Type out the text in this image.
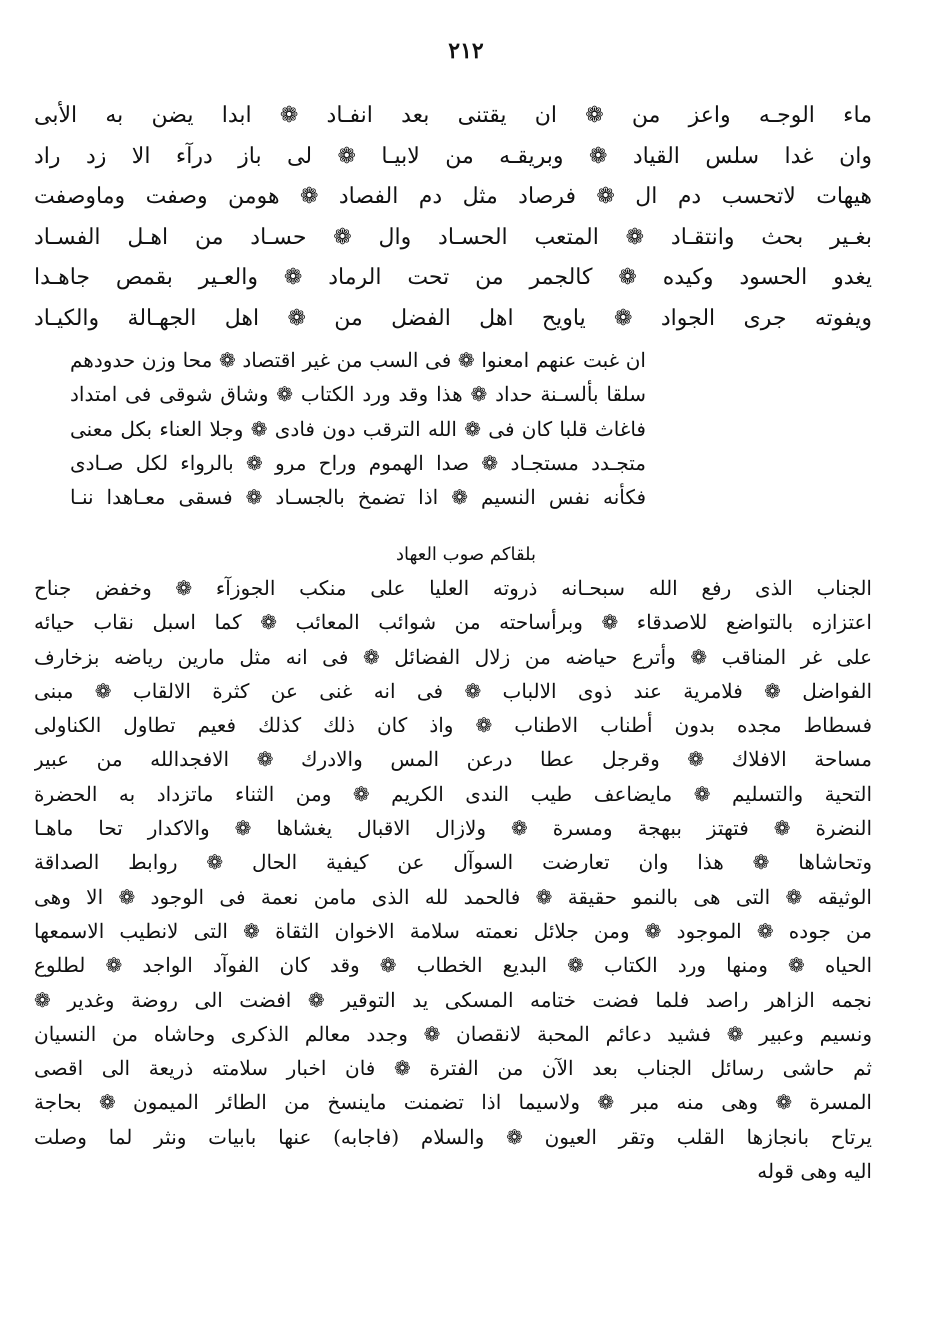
٢١٢

ماء الوجـه واعز من ❁ ان يقتنى بعد انفـاد ❁ ابدا يضن به الأبى

وان غدا سلس القياد ❁ وبريقـه من لابيـا ❁ لى باز درآء الا زد راد

هيهات لاتحسب دم ال ❁ فرصاد مثل دم الفصاد ❁ هومن وصفت وماوصفت

بغـير بحث وانتقـاد ❁ المتعب الحسـاد وال ❁ حسـاد من اهـل الفسـاد

يغدو الحسود وكيده ❁ كالجمر من تحت الرماد ❁ والعـير بقمص جاهـدا

ويفوته جرى الجواد ❁ ياويح اهل الفضل من ❁ اهل الجهـالة والكيـاد

ان غبت عنهم امعنوا ❁ فى السب من غير اقتصاد ❁ محا وزن حدودهم

سلقا بألسـنة حداد ❁ هذا وقد ورد الكتاب ❁ وشاق شوقى فى امتداد

فاغاث قلبا كان فى ❁ الله الترقب دون فادى ❁ وجلا العناء بكل معنى

متجـدد مستجـاد ❁ صدا الهموم وراح مرو ❁ بالرواء لكل صـادى

فكأنه نفس النسيم ❁ اذا تضمخ بالجسـاد ❁ فسقى معـاهدا ننـا

بلقاكم صوب العهاد

الجناب الذى رفع الله سبحـانه ذروته العليا على منكب الجوزآء ❁ وخفض جناح

اعتزازه بالتواضع للاصدقاء ❁ وبرأساحته من شوائب المعائب ❁ كما اسبل نقاب حيائه

على غر المناقب ❁ وأترع حياضه من زلال الفضائل ❁ فى انه مثل مارين رياضه بزخارف

الفواضل ❁ فلامرية عند ذوى الالباب ❁ فى انه غنى عن كثرة الالقاب ❁ مبنى

فسطاط مجده بدون أطناب الاطناب ❁ واذ كان ذلك كذلك فعيم تطاول الكناولى

مساحة الافلاك ❁ وقرجل عطا درعن المس والادرك ❁ الافجدالله من عبير

التحية والتسليم ❁ مايضاعف طيب الندى الكريم ❁ ومن الثناء ماتزداد به الحضرة

النضرة ❁ فتهتز ببهجة ومسرة ❁ ولازال الاقبال يغشاها ❁ والاكدار تحا ماهـا

وتحاشاها ❁ هذا وان تعارضت السوآل عن كيفية الحال ❁ روابط الصداقة

الوثيقه ❁ التى هى بالنمو حقيقة ❁ فالحمد لله الذى مامن نعمة فى الوجود ❁ الا وهى

من جوده ❁ الموجود ❁ ومن جلائل نعمته سلامة الاخوان الثقاة ❁ التى لانطيب الاسمعها

الحياه ❁ ومنها ورد الكتاب ❁ البديع الخطاب ❁ وقد كان الفوآد الواجد ❁ لطلوع

نجمه الزاهر راصد فلما فضت ختامه المسكى يد التوقير ❁ افضت الى روضة وغدير ❁

ونسيم وعبير ❁ فشيد دعائم المحبة لانقصان ❁ وجدد معالم الذكرى وحاشاه من النسيان

ثم حاشى رسائل الجناب بعد الآن من الفترة ❁ فان اخبار سلامته ذريعة الى اقصى

المسرة ❁ وهى منه مبر ❁ ولاسيما اذا تضمنت ماينسخ من الطائر الميمون ❁ بحاجة

يرتاح بانجازها القلب وتقر العيون ❁ والسلام (فاجابه) عنها بابيات ونثر لما وصلت

اليه وهى قوله
